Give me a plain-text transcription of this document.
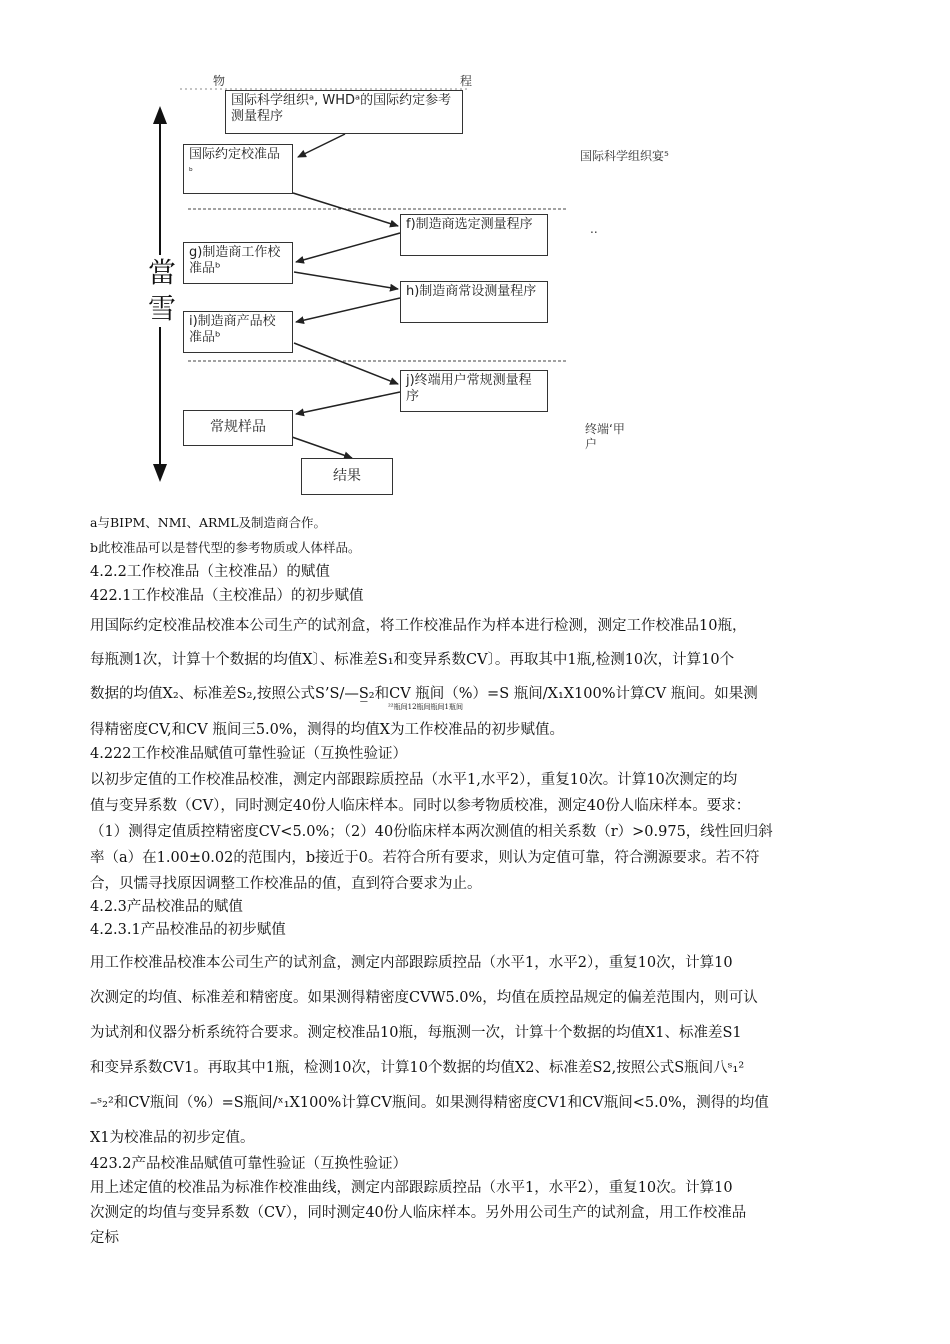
物	程
當
雪
国际科学组织ᵃ, WHDᵃ的国际约定参考测量程序
国际约定校准品
ᵇ
f)制造商选定测量程序
g)制造商工作校准品ᵇ
h)制造商常设测量程序
i)制造商产品校准品ᵇ
j)终端用户常规测量程序
常规样品
结果
国际科学组织宴⁵
..
终端ʻ甲
户
a与BIPM、NMI、ARML及制造商合作。
b此校准品可以是替代型的参考物质或人体样品。
4.2.2工作校准品（主校准品）的赋值
422.1工作校准品（主校准品）的初步赋值
用国际约定校准品校准本公司生产的试剂盒，将工作校准品作为样本进行检测，测定工作校准品10瓶，
每瓶测1次，计算十个数据的均值X〕、标准差S₁和变异系数CV〕。再取其中1瓶,检测10次，计算10个
数据的均值X₂、标准差S₂,按照公式S’S/—S̲₂和CV 瓶间（%）=S 瓶间/X₁X100%计算CV 瓶间。如果测
²²瓶间12瓶间瓶间1瓶间
得精密度CV,和CV 瓶间三5.0%，测得的均值X为工作校准品的初步赋值。
4.222工作校准品赋值可靠性验证（互换性验证）
以初步定值的工作校准品校准，测定内部跟踪质控品（水平1,水平2），重复10次。计算10次测定的均
值与变异系数（CV），同时测定40份人临床样本。同时以参考物质校准，测定40份人临床样本。要求：
（1）测得定值质控精密度CV<5.0%；（2）40份临床样本两次测值的相关系数（r）>0.975，线性回归斜
率（a）在1.00±0.02的范围内，b接近于0。若符合所有要求，则认为定值可靠，符合溯源要求。若不符
合，贝懦寻找原因调整工作校准品的值，直到符合要求为止。
4.2.3产品校准品的赋值
4.2.3.1产品校准品的初步赋值
用工作校准品校准本公司生产的试剂盒，测定内部跟踪质控品（水平1，水平2），重复10次，计算10
次测定的均值、标准差和精密度。如果测得精密度CVW5.0%，均值在质控品规定的偏差范围内，则可认
为试剂和仪器分析系统符合要求。测定校准品10瓶，每瓶测一次，计算十个数据的均值X1、标准差S1
和变异系数CV1。再取其中1瓶，检测10次，计算10个数据的均值X2、标准差S2,按照公式S瓶间八ˢ₁²
–ˢ₂²和CV瓶间（%）=S瓶间/ˣ₁X100%计算CV瓶间。如果测得精密度CV1和CV瓶间<5.0%，测得的均值
X1为校准品的初步定值。
423.2产品校准品赋值可靠性验证（互换性验证）
用上述定值的校准品为标准作校准曲线，测定内部跟踪质控品（水平1，水平2），重复10次。计算10
次测定的均值与变异系数（CV），同时测定40份人临床样本。另外用公司生产的试剂盒，用工作校准品
定标
